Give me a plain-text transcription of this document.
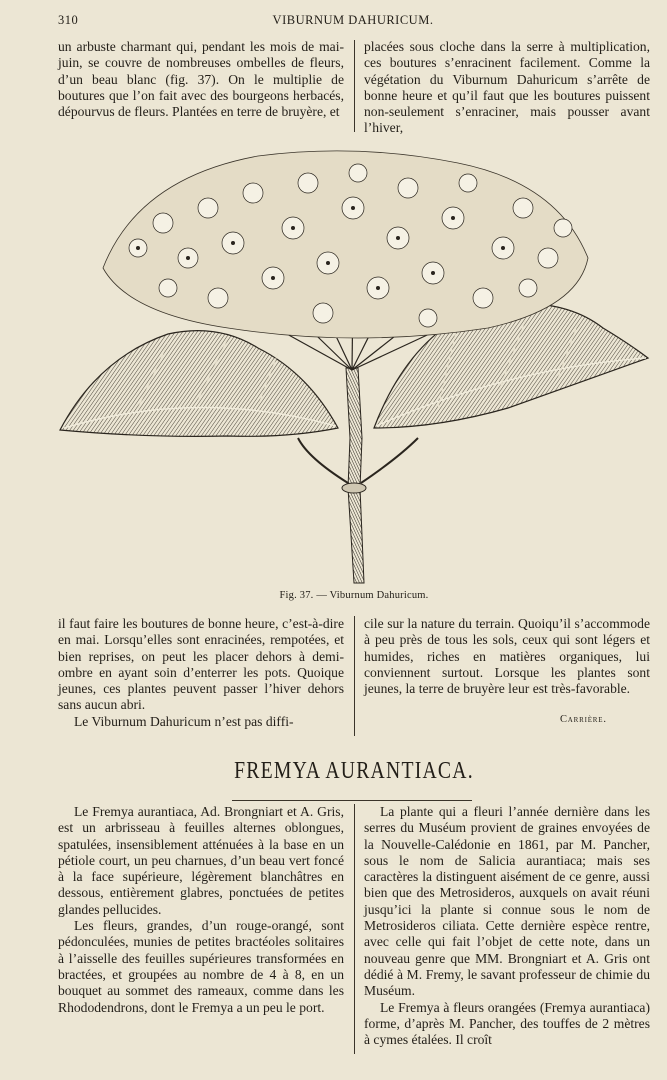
310	VIBURNUM DAHURICUM.

un arbuste charmant qui, pendant les mois de mai-juin, se couvre de nombreuses ombelles de fleurs, d’un beau blanc (fig. 37). On le multiplie de boutures que l’on fait avec des bourgeons herbacés, dépourvus de fleurs. Plantées en terre de bruyère, et

placées sous cloche dans la serre à multiplication, ces boutures s’enracinent facilement. Comme la végétation du Viburnum Dahuricum s’arrête de bonne heure et qu’il faut que les boutures puissent non-seulement s’enraciner, mais pousser avant l’hiver,

Fig. 37. — Viburnum Dahuricum.

il faut faire les boutures de bonne heure, c’est-à-dire en mai. Lorsqu’elles sont enracinées, rempotées, et bien reprises, on peut les placer dehors à demi-ombre en ayant soin d’enterrer les pots. Quoique jeunes, ces plantes peuvent passer l’hiver dehors sans aucun abri.

Le Viburnum Dahuricum n’est pas diffi-

cile sur la nature du terrain. Quoiqu’il s’accommode à peu près de tous les sols, ceux qui sont légers et humides, riches en matières organiques, lui conviennent surtout. Lorsque les plantes sont jeunes, la terre de bruyère leur est très-favorable.

Carrière.
FREMYA AURANTIACA.

Le Fremya aurantiaca, Ad. Brongniart et A. Gris, est un arbrisseau à feuilles alternes oblongues, spatulées, insensiblement atténuées à la base en un pétiole court, un peu charnues, d’un beau vert foncé à la face supérieure, légèrement blanchâtres en dessous, entièrement glabres, ponctuées de petites glandes pellucides.

Les fleurs, grandes, d’un rouge-orangé, sont pédonculées, munies de petites bractéoles solitaires à l’aisselle des feuilles supérieures transformées en bractées, et groupées au nombre de 4 à 8, en un bouquet au sommet des rameaux, comme dans les Rhododendrons, dont le Fremya a un peu le port.

La plante qui a fleuri l’année dernière dans les serres du Muséum provient de graines envoyées de la Nouvelle-Calédonie en 1861, par M. Pancher, sous le nom de Salicia aurantiaca; mais ses caractères la distinguent aisément de ce genre, aussi bien que des Metrosideros, auxquels on avait réuni jusqu’ici la plante si connue sous le nom de Metrosideros ciliata. Cette dernière espèce rentre, avec celle qui fait l’objet de cette note, dans un nouveau genre que MM. Brongniart et A. Gris ont dédié à M. Fremy, le savant professeur de chimie du Muséum.

Le Fremya à fleurs orangées (Fremya aurantiaca) forme, d’après M. Pancher, des touffes de 2 mètres à cymes étalées. Il croît
